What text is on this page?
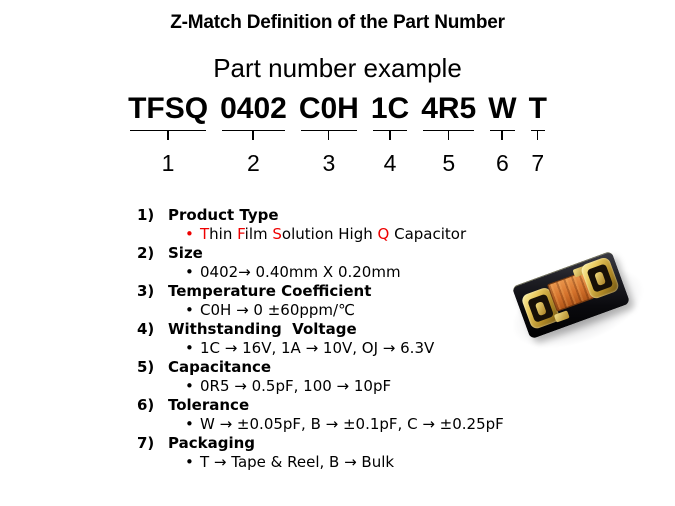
Z-Match Definition of the Part Number
Part number example
TFSQ
1
0402
2
C0H
3
1C
4
4R5
5
W
6
T
7
1) Product Type
• Thin Film Solution High Q Capacitor
2) Size
• 0402→ 0.40mm X 0.20mm
3) Temperature Coefficient
• C0H → 0 ±60ppm/℃
4) Withstanding  Voltage
• 1C → 16V, 1A → 10V, OJ → 6.3V
5) Capacitance
• 0R5 → 0.5pF, 100 → 10pF
6) Tolerance
• W → ±0.05pF, B → ±0.1pF, C → ±0.25pF
7) Packaging
• T → Tape & Reel, B → Bulk
